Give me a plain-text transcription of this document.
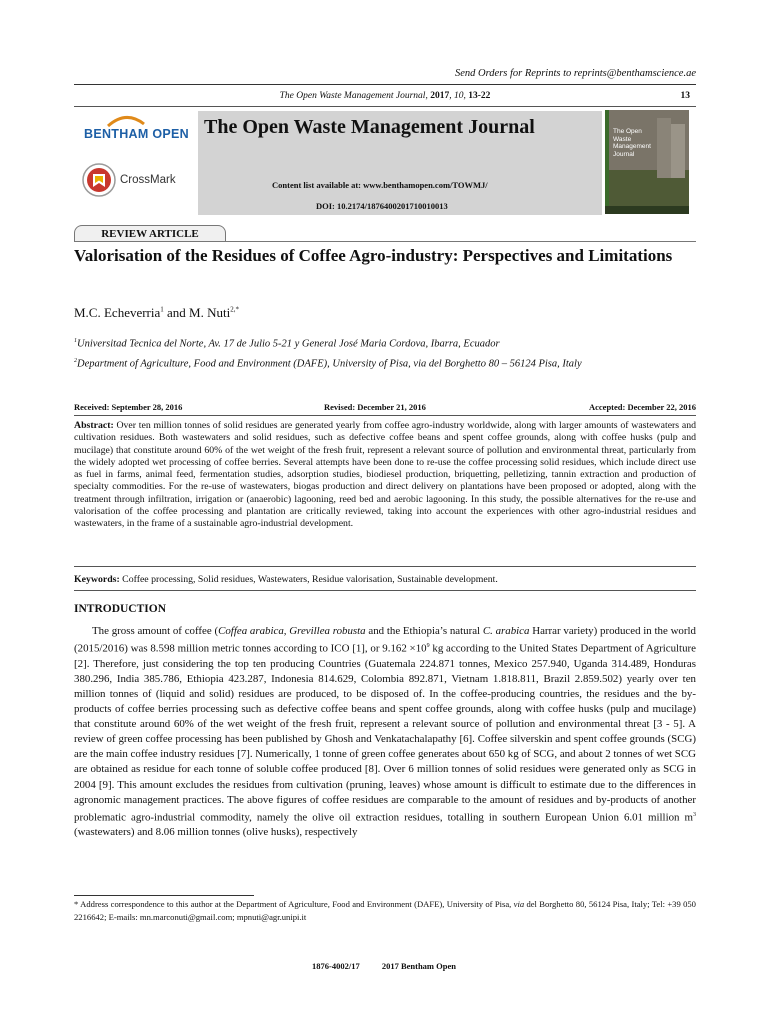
Send Orders for Reprints to reprints@benthamscience.ae
The Open Waste Management Journal, 2017, 10, 13-22	13
BENTHAM OPEN
CrossMark
The Open Waste Management Journal
Content list available at: www.benthamopen.com/TOWMJ/
DOI: 10.2174/1876400201710010013
The Open Waste Management Journal
REVIEW ARTICLE
Valorisation of the Residues of Coffee Agro-industry: Perspectives and Limitations
M.C. Echeverria$^1$ and M. Nuti$^{2,*}$
$^1$Universitad Tecnica del Norte, Av. 17 de Julio 5-21 y General José Maria Cordova, Ibarra, Ecuador
$^2$Department of Agriculture, Food and Environment (DAFE), University of Pisa, via del Borghetto 80 – 56124 Pisa, Italy
Received: September 28, 2016	Revised: December 21, 2016	Accepted: December 22, 2016
Abstract: Over ten million tonnes of solid residues are generated yearly from coffee agro-industry worldwide, along with larger amounts of wastewaters and cultivation residues. Both wastewaters and solid residues, such as defective coffee beans and spent coffee grounds, along with coffee husks (pulp and mucilage) that constitute around 60% of the wet weight of the fresh fruit, represent a relevant source of pollution and environmental threat, particularly from the widely adopted wet processing of coffee berries. Several attempts have been done to re-use the coffee processing solid residues, which include direct use as fuel in farms, animal feed, fermentation studies, adsorption studies, biodiesel production, briquetting, pelletizing, tannin extraction and production of specialty commodities. For the re-use of wastewaters, biogas production and direct delivery on plantations have been proposed or adopted, along with the treatment through infiltration, irrigation or (anaerobic) lagooning, reed bed and aerobic lagooning. In this study, the possible alternatives for the re-use and valorisation of the coffee processing and plantation are critically reviewed, taking into account the experiences with other agro-industrial residues and wastewaters, in the frame of a sustainable agro-industrial development.
Keywords: Coffee processing, Solid residues, Wastewaters, Residue valorisation, Sustainable development.
INTRODUCTION
The gross amount of coffee (Coffea arabica, Grevillea robusta and the Ethiopia’s natural C. arabica Harrar variety) produced in the world (2015/2016) was 8.598 million metric tonnes according to ICO [1], or $9.162 \times 10^9$ kg according to the United States Department of Agriculture [2]. Therefore, just considering the top ten producing Countries (Guatemala 224.871 tonnes, Mexico 257.940, Uganda 314.489, Honduras 380.296, India 385.786, Ethiopia 423.287, Indonesia 814.629, Colombia 892.871, Vietnam 1.818.811, Brazil 2.859.502) yearly over ten million tonnes of (liquid and solid) residues are produced, to be disposed of. In the coffee-producing countries, the residues and the by-products of coffee berries processing such as defective coffee beans and spent coffee grounds, along with coffee husks (pulp and mucilage) that constitute around 60% of the wet weight of the fresh fruit, represent a relevant source of pollution and environmental threat [3 - 5]. A review of green coffee processing has been published by Ghosh and Venkatachalapathy [6]. Coffee silverskin and spent coffee grounds (SCG) are the main coffee industry residues [7]. Numerically, 1 tonne of green coffee generates about 650 kg of SCG, and about 2 tonnes of wet SCG are obtained as residue for each tonne of soluble coffee produced [8]. Over 6 million tonnes of solid residues were generated only as SCG in 2004 [9]. This amount excludes the residues from cultivation (pruning, leaves) whose amount is difficult to estimate due to the differences in agronomic management practices. The above figures of coffee residues are comparable to the amount of residues and by-products of another problematic agro-industrial commodity, namely the olive oil extraction residues, totalling in southern European Union 6.01 million $m^3$ (wastewaters) and 8.06 million tonnes (olive husks), respectively
* Address correspondence to this author at the Department of Agriculture, Food and Environment (DAFE), University of Pisa, via del Borghetto 80, 56124 Pisa, Italy; Tel: +39 050 2216642; E-mails: mn.marconuti@gmail.com; mpnuti@agr.unipi.it
1876-4002/17	2017 Bentham Open
